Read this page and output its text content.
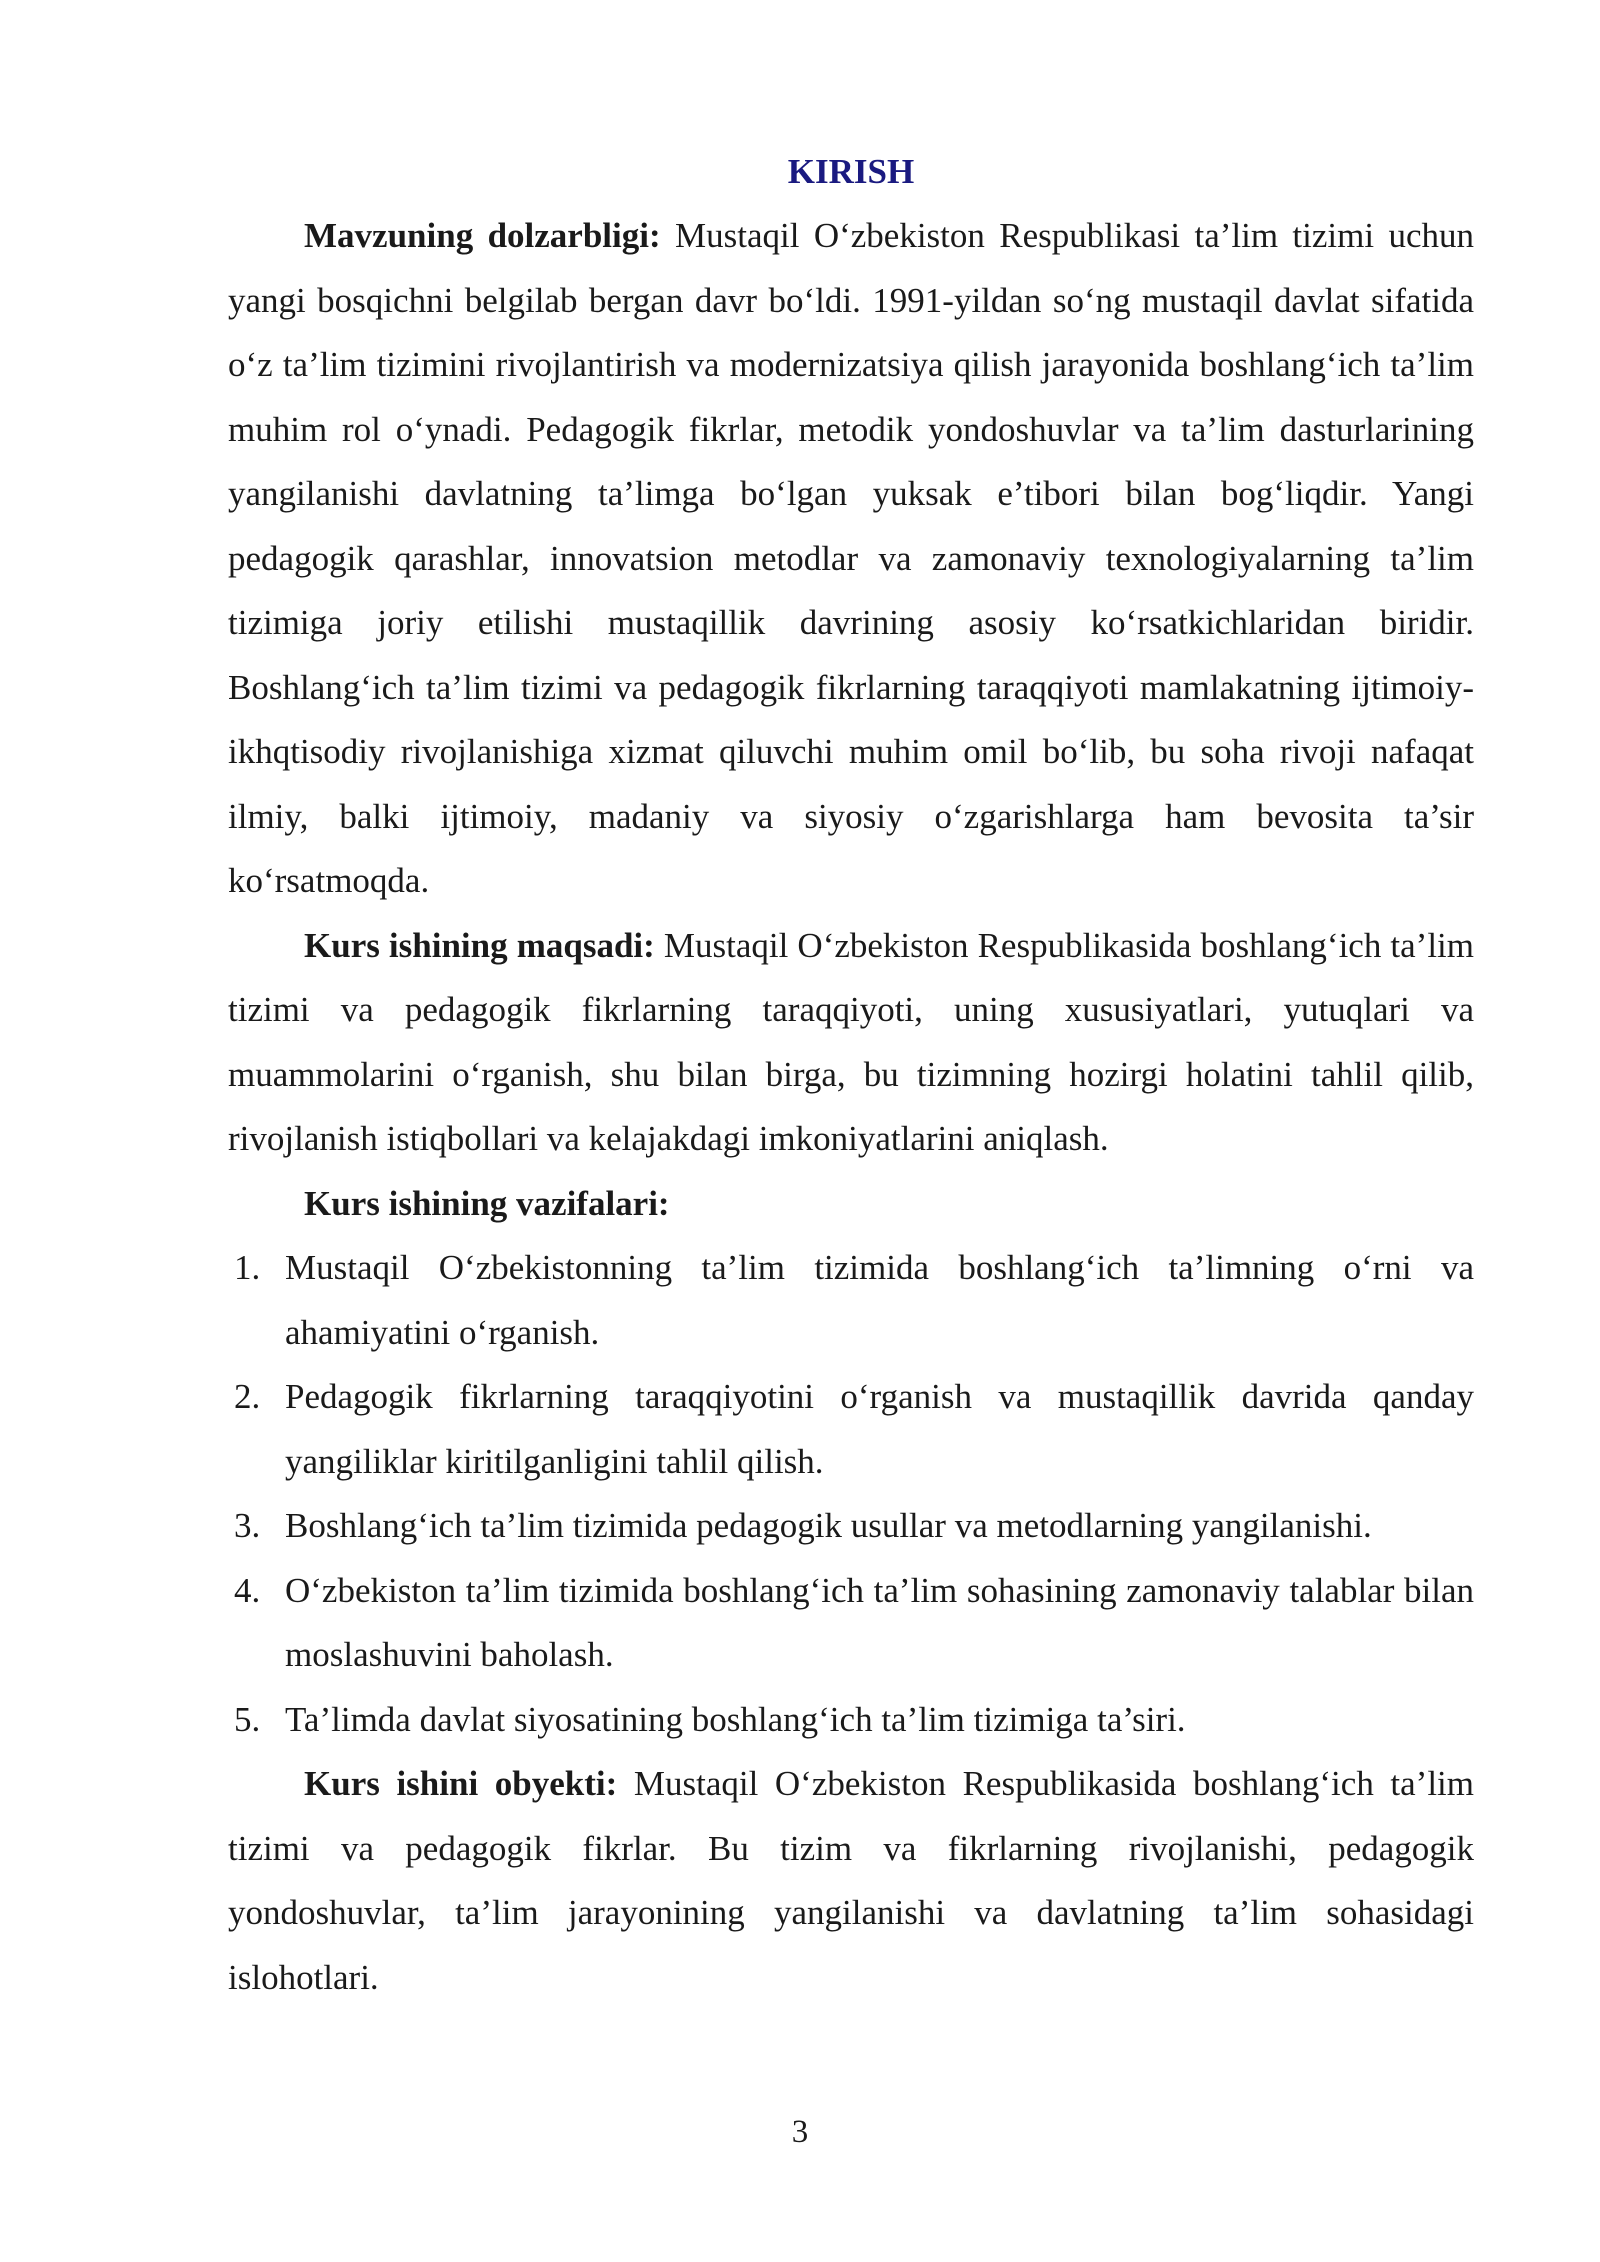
KIRISH

Mavzuning dolzarbligi: Mustaqil O‘zbekiston Respublikasi ta’lim tizimi uchun yangi bosqichni belgilab bergan davr bo‘ldi. 1991-yildan so‘ng mustaqil davlat sifatida o‘z ta’lim tizimini rivojlantirish va modernizatsiya qilish jarayonida boshlang‘ich ta’lim muhim rol o‘ynadi. Pedagogik fikrlar, metodik yondoshuvlar va ta’lim dasturlarining yangilanishi davlatning ta’limga bo‘lgan yuksak e’tibori bilan bog‘liqdir. Yangi pedagogik qarashlar, innovatsion metodlar va zamonaviy texnologiyalarning ta’lim tizimiga joriy etilishi mustaqillik davrining asosiy ko‘rsatkichlaridan biridir. Boshlang‘ich ta’lim tizimi va pedagogik fikrlarning taraqqiyoti mamlakatning ijtimoiy-ikhqtisodiy rivojlanishiga xizmat qiluvchi muhim omil bo‘lib, bu soha rivoji nafaqat ilmiy, balki ijtimoiy, madaniy va siyosiy o‘zgarishlarga ham bevosita ta’sir ko‘rsatmoqda.

Kurs ishining maqsadi: Mustaqil O‘zbekiston Respublikasida boshlang‘ich ta’lim tizimi va pedagogik fikrlarning taraqqiyoti, uning xususiyatlari, yutuqlari va muammolarini o‘rganish, shu bilan birga, bu tizimning hozirgi holatini tahlil qilib, rivojlanish istiqbollari va kelajakdagi imkoniyatlarini aniqlash.

Kurs ishining vazifalari:

1. Mustaqil O‘zbekistonning ta’lim tizimida boshlang‘ich ta’limning o‘rni va ahamiyatini o‘rganish.
2. Pedagogik fikrlarning taraqqiyotini o‘rganish va mustaqillik davrida qanday yangiliklar kiritilganligini tahlil qilish.
3. Boshlang‘ich ta’lim tizimida pedagogik usullar va metodlarning yangilanishi.
4. O‘zbekiston ta’lim tizimida boshlang‘ich ta’lim sohasining zamonaviy talablar bilan moslashuvini baholash.
5. Ta’limda davlat siyosatining boshlang‘ich ta’lim tizimiga ta’siri.

Kurs ishini obyekti: Mustaqil O‘zbekiston Respublikasida boshlang‘ich ta’lim tizimi va pedagogik fikrlar. Bu tizim va fikrlarning rivojlanishi, pedagogik yondoshuvlar, ta’lim jarayonining yangilanishi va davlatning ta’lim sohasidagi islohotlari.

3
